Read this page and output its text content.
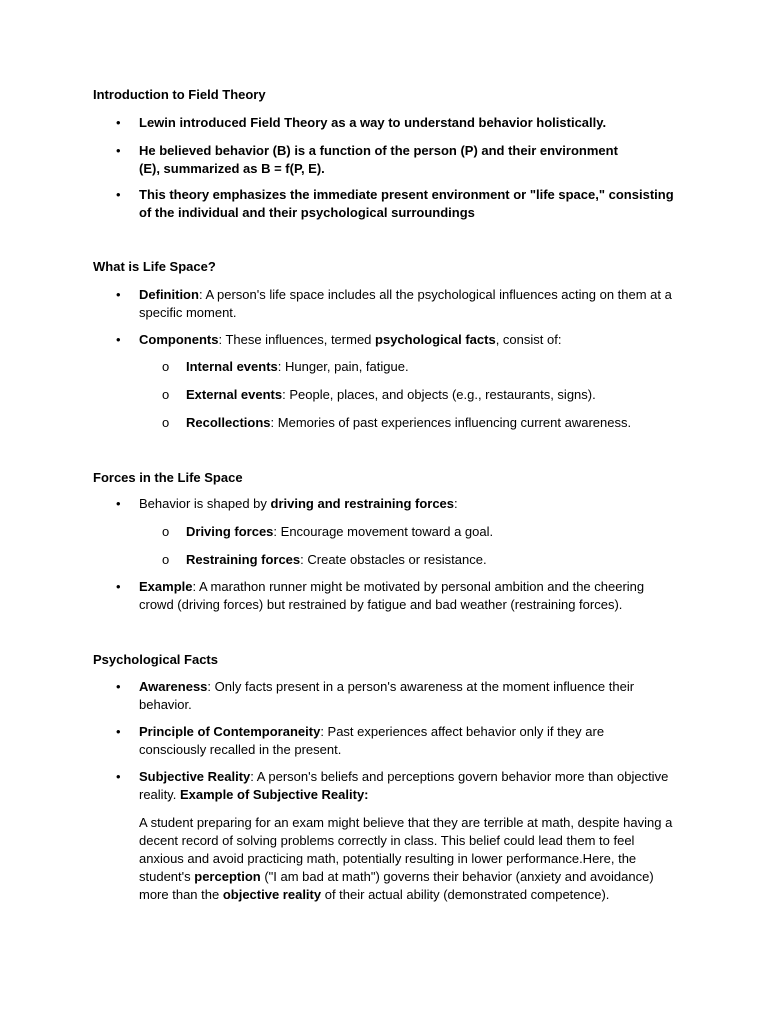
Introduction to Field Theory
• Lewin introduced Field Theory as a way to understand behavior holistically.
• He believed behavior (B) is a function of the person (P) and their environment (E), summarized as B = f(P, E).
• This theory emphasizes the immediate present environment or "life space," consisting of the individual and their psychological surroundings
What is Life Space?
• Definition: A person's life space includes all the psychological influences acting on them at a specific moment.
• Components: These influences, termed psychological facts, consist of:
o Internal events: Hunger, pain, fatigue.
o External events: People, places, and objects (e.g., restaurants, signs).
o Recollections: Memories of past experiences influencing current awareness.
Forces in the Life Space
• Behavior is shaped by driving and restraining forces:
o Driving forces: Encourage movement toward a goal.
o Restraining forces: Create obstacles or resistance.
• Example: A marathon runner might be motivated by personal ambition and the cheering crowd (driving forces) but restrained by fatigue and bad weather (restraining forces).
Psychological Facts
• Awareness: Only facts present in a person's awareness at the moment influence their behavior.
• Principle of Contemporaneity: Past experiences affect behavior only if they are consciously recalled in the present.
• Subjective Reality: A person's beliefs and perceptions govern behavior more than objective reality. Example of Subjective Reality:
A student preparing for an exam might believe that they are terrible at math, despite having a decent record of solving problems correctly in class. This belief could lead them to feel anxious and avoid practicing math, potentially resulting in lower performance.Here, the student's perception ("I am bad at math") governs their behavior (anxiety and avoidance) more than the objective reality of their actual ability (demonstrated competence).
